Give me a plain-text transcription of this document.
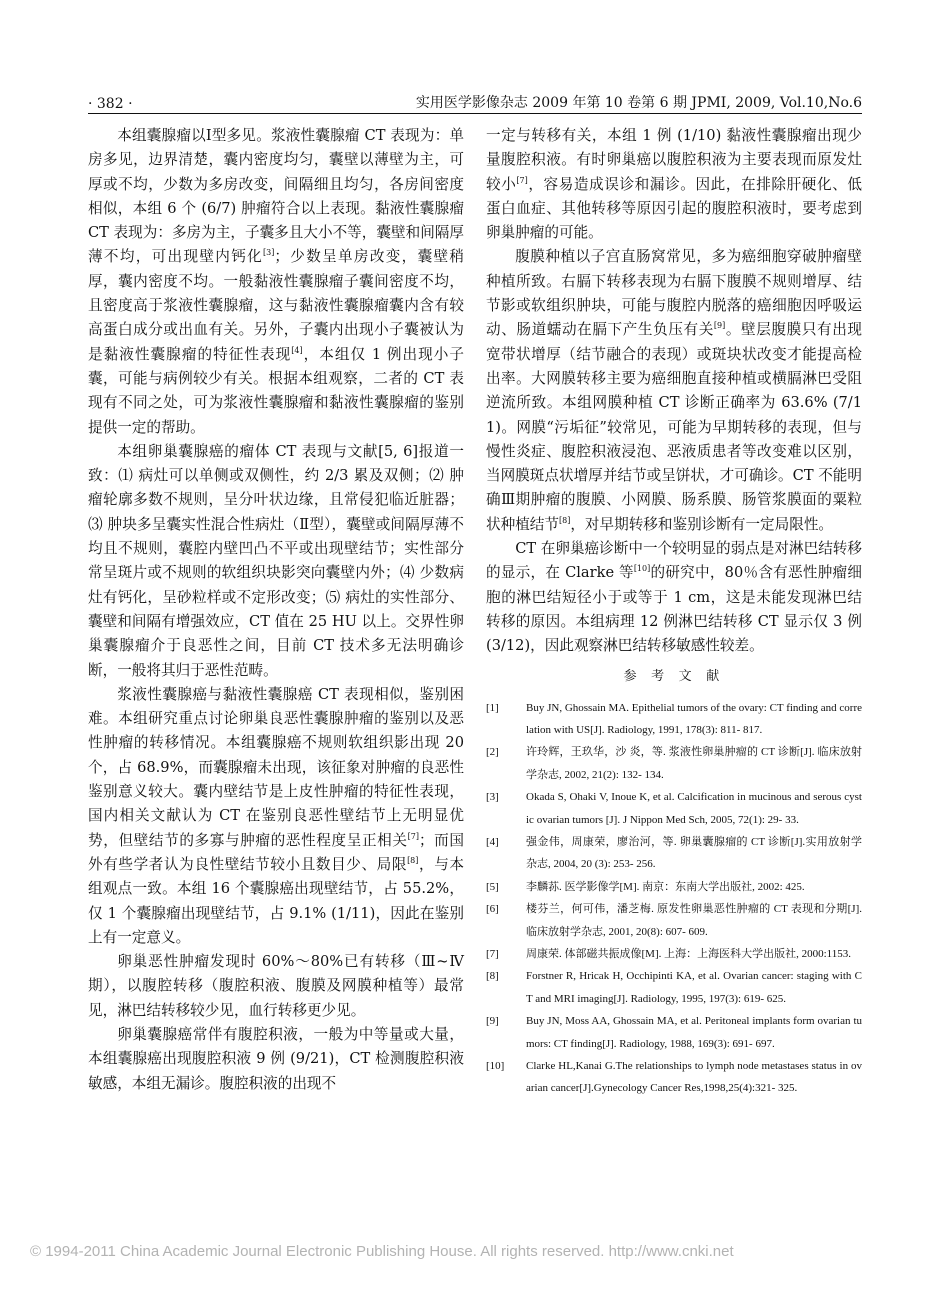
· 382 ·	实用医学影像杂志 2009 年第 10 卷第 6 期 JPMI, 2009, Vol.10,No.6

本组囊腺瘤以Ⅰ型多见。浆液性囊腺瘤 CT 表现为：单房多见，边界清楚，囊内密度均匀，囊壁以薄壁为主，可厚或不均，少数为多房改变，间隔细且均匀，各房间密度相似，本组 6 个 (6/7) 肿瘤符合以上表现。黏液性囊腺瘤 CT 表现为：多房为主，子囊多且大小不等，囊壁和间隔厚薄不均，可出现壁内钙化[3]；少数呈单房改变，囊壁稍厚，囊内密度不均。一般黏液性囊腺瘤子囊间密度不均，且密度高于浆液性囊腺瘤，这与黏液性囊腺瘤囊内含有较高蛋白成分或出血有关。另外，子囊内出现小子囊被认为是黏液性囊腺瘤的特征性表现[4]，本组仅 1 例出现小子囊，可能与病例较少有关。根据本组观察，二者的 CT 表现有不同之处，可为浆液性囊腺瘤和黏液性囊腺瘤的鉴别提供一定的帮助。

本组卵巢囊腺癌的瘤体 CT 表现与文献[5, 6]报道一致：⑴ 病灶可以单侧或双侧性，约 2/3 累及双侧；⑵ 肿瘤轮廓多数不规则，呈分叶状边缘，且常侵犯临近脏器；⑶ 肿块多呈囊实性混合性病灶（Ⅱ型），囊壁或间隔厚薄不均且不规则，囊腔内壁凹凸不平或出现壁结节；实性部分常呈斑片或不规则的软组织块影突向囊壁内外；⑷ 少数病灶有钙化，呈砂粒样或不定形改变；⑸ 病灶的实性部分、囊壁和间隔有增强效应，CT 值在 25 HU 以上。交界性卵巢囊腺瘤介于良恶性之间，目前 CT 技术多无法明确诊断，一般将其归于恶性范畴。

浆液性囊腺癌与黏液性囊腺癌 CT 表现相似，鉴别困难。本组研究重点讨论卵巢良恶性囊腺肿瘤的鉴别以及恶性肿瘤的转移情况。本组囊腺癌不规则软组织影出现 20 个，占 68.9%，而囊腺瘤未出现，该征象对肿瘤的良恶性鉴别意义较大。囊内壁结节是上皮性肿瘤的特征性表现，国内相关文献认为 CT 在鉴别良恶性壁结节上无明显优势，但壁结节的多寡与肿瘤的恶性程度呈正相关[7]；而国外有些学者认为良性壁结节较小且数目少、局限[8]，与本组观点一致。本组 16 个囊腺癌出现壁结节，占 55.2%，仅 1 个囊腺瘤出现壁结节，占 9.1% (1/11)，因此在鉴别上有一定意义。

卵巢恶性肿瘤发现时 60%～80%已有转移（Ⅲ~Ⅳ期），以腹腔转移（腹腔积液、腹膜及网膜种植等）最常见，淋巴结转移较少见，血行转移更少见。

卵巢囊腺癌常伴有腹腔积液，一般为中等量或大量，本组囊腺癌出现腹腔积液 9 例 (9/21)，CT 检测腹腔积液敏感，本组无漏诊。腹腔积液的出现不

一定与转移有关，本组 1 例 (1/10) 黏液性囊腺瘤出现少量腹腔积液。有时卵巢癌以腹腔积液为主要表现而原发灶较小[7]，容易造成误诊和漏诊。因此，在排除肝硬化、低蛋白血症、其他转移等原因引起的腹腔积液时，要考虑到卵巢肿瘤的可能。

腹膜种植以子宫直肠窝常见，多为癌细胞穿破肿瘤壁种植所致。右膈下转移表现为右膈下腹膜不规则增厚、结节影或软组织肿块，可能与腹腔内脱落的癌细胞因呼吸运动、肠道蠕动在膈下产生负压有关[9]。壁层腹膜只有出现宽带状增厚（结节融合的表现）或斑块状改变才能提高检出率。大网膜转移主要为癌细胞直接种植或横膈淋巴受阻逆流所致。本组网膜种植 CT 诊断正确率为 63.6% (7/11)。网膜“污垢征”较常见，可能为早期转移的表现，但与慢性炎症、腹腔积液浸泡、恶液质患者等改变难以区别，当网膜斑点状增厚并结节或呈饼状，才可确诊。CT 不能明确Ⅲ期肿瘤的腹膜、小网膜、肠系膜、肠管浆膜面的粟粒状种植结节[8]，对早期转移和鉴别诊断有一定局限性。

CT 在卵巢癌诊断中一个较明显的弱点是对淋巴结转移的显示，在 Clarke 等[10]的研究中，80％含有恶性肿瘤细胞的淋巴结短径小于或等于 1 cm，这是未能发现淋巴结转移的原因。本组病理 12 例淋巴结转移 CT 显示仅 3 例 (3/12)，因此观察淋巴结转移敏感性较差。

参 考 文 献
[1]	Buy JN, Ghossain MA. Epithelial tumors of the ovary: CT finding and correlation with US[J]. Radiology, 1991, 178(3): 811- 817.
[2]	许玲辉，王玖华，沙 炎，等. 浆液性卵巢肿瘤的 CT 诊断[J]. 临床放射学杂志, 2002, 21(2): 132- 134.
[3]	Okada S, Ohaki V, Inoue K, et al. Calcification in mucinous and serous cystic ovarian tumors [J]. J Nippon Med Sch, 2005, 72(1): 29- 33.
[4]	强金伟，周康荣，廖治河，等. 卵巢囊腺瘤的 CT 诊断[J].实用放射学杂志, 2004, 20 (3): 253- 256.
[5]	李麟荪. 医学影像学[M]. 南京：东南大学出版社, 2002: 425.
[6]	楼芬兰，何可伟，潘芝梅. 原发性卵巢恶性肿瘤的 CT 表现和分期[J]. 临床放射学杂志, 2001, 20(8): 607- 609.
[7]	周康荣. 体部磁共振成像[M]. 上海：上海医科大学出版社, 2000:1153.
[8]	Forstner R, Hricak H, Occhipinti KA, et al. Ovarian cancer: staging with CT and MRI imaging[J]. Radiology, 1995, 197(3): 619- 625.
[9]	Buy JN, Moss AA, Ghossain MA, et al. Peritoneal implants form ovarian tumors: CT finding[J]. Radiology, 1988, 169(3): 691- 697.
[10]	Clarke HL,Kanai G.The relationships to lymph node metastases status in ovarian cancer[J].Gynecology Cancer Res,1998,25(4):321- 325.
© 1994-2011 China Academic Journal Electronic Publishing House. All rights reserved. http://www.cnki.net
